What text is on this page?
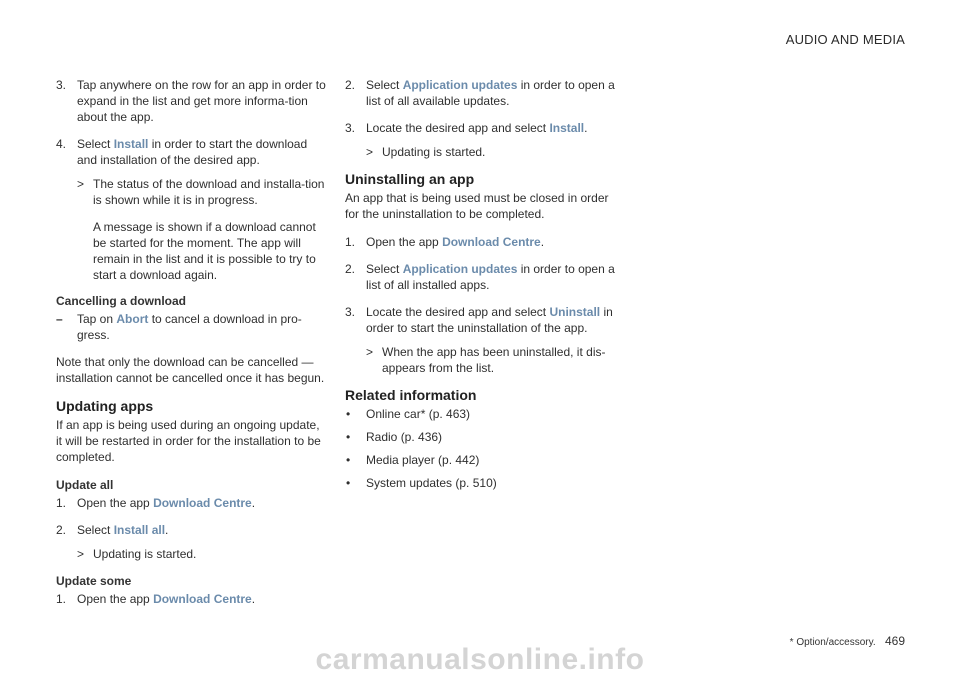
AUDIO AND MEDIA
3. Tap anywhere on the row for an app in order to expand in the list and get more informa-tion about the app.
4. Select Install in order to start the download and installation of the desired app.
> The status of the download and installa-tion is shown while it is in progress.
A message is shown if a download cannot be started for the moment. The app will remain in the list and it is possible to try to start a download again.
Cancelling a download
– Tap on Abort to cancel a download in pro-gress.
Note that only the download can be cancelled — installation cannot be cancelled once it has begun.
Updating apps
If an app is being used during an ongoing update, it will be restarted in order for the installation to be completed.
Update all
1. Open the app Download Centre.
2. Select Install all.
> Updating is started.
Update some
1. Open the app Download Centre.
2. Select Application updates in order to open a list of all available updates.
3. Locate the desired app and select Install.
> Updating is started.
Uninstalling an app
An app that is being used must be closed in order for the uninstallation to be completed.
1. Open the app Download Centre.
2. Select Application updates in order to open a list of all installed apps.
3. Locate the desired app and select Uninstall in order to start the uninstallation of the app.
> When the app has been uninstalled, it dis-appears from the list.
Related information
• Online car* (p. 463)
• Radio (p. 436)
• Media player (p. 442)
• System updates (p. 510)
* Option/accessory. 469
carmanualsonline.info
